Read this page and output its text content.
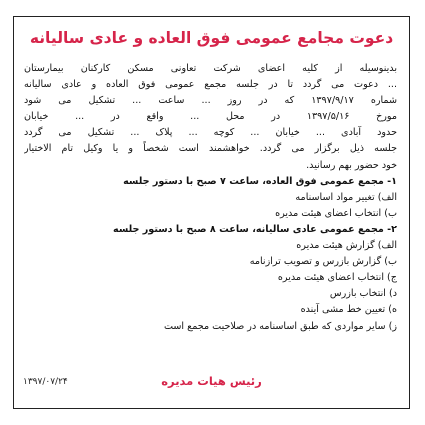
دعوت مجامع عمومی فوق العاده و عادی سالیانه
بدینوسیله از کلیه اعضای شرکت تعاونی مسکن کارکنان بیمارستان
... دعوت می گردد تا در جلسه مجمع عمومی فوق العاده و عادی سالیانه
شماره ۱۳۹۷/۹/۱۷ که در روز ... ساعت ... تشکیل می شود
مورخ ۱۳۹۷/۵/۱۶ در محل ... واقع در ... خیابان
حدود آبادی ... خیابان ... کوچه ... پلاک ... تشکیل می گردد
جلسه ذیل برگزار می گردد. خواهشمند است شخصاً و یا وکیل تام الاختیار
خود حضور بهم رسانید.
۱- مجمع عمومی فوق العاده، ساعت ۷ صبح با دستور جلسه
الف) تغییر مواد اساسنامه
ب) انتخاب اعضای هیئت مدیره
۲- مجمع عمومی عادی سالیانه، ساعت ۸ صبح با دستور جلسه
الف) گزارش هیئت مدیره
ب) گزارش بازرس و تصویب ترازنامه
ج) انتخاب اعضای هیئت مدیره
د) انتخاب بازرس
ه) تعیین خط مشی آینده
ز) سایر مواردی که طبق اساسنامه در صلاحیت مجمع است
رئیس هیات مدیره
۱۳۹۷/۰۷/۲۴
